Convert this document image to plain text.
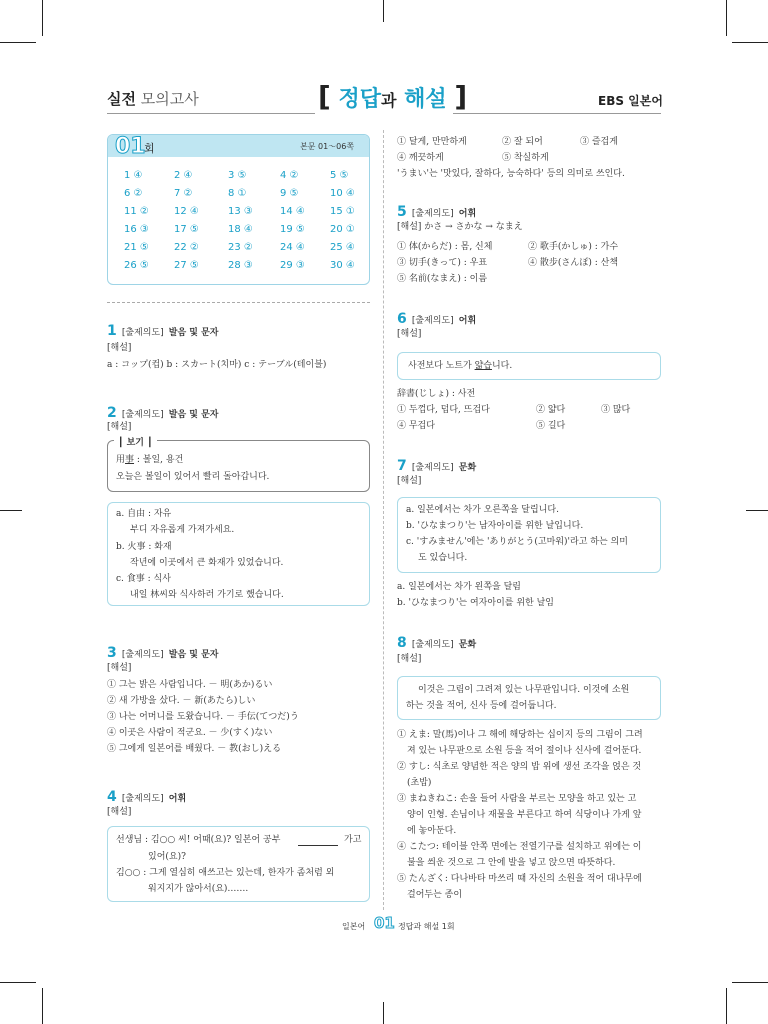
실전 모의고사	[ 정답과 해설 ]	EBS 일본어
01
회	본문 01～06쪽
1 ④	2 ④	3 ⑤	4 ②	5 ⑤
6 ②	7 ②	8 ①	9 ⑤	10 ④
11 ②	12 ④	13 ③	14 ④	15 ①
16 ③	17 ⑤	18 ④	19 ⑤	20 ①
21 ⑤	22 ②	23 ②	24 ④	25 ④
26 ⑤	27 ⑤	28 ③	29 ③	30 ④
1 [출제의도] 발음 및 문자
[해설]
a : コップ(컵) b : スカート(치마) c : テーブル(테이블)
2 [출제의도] 발음 및 문자
[해설]
┃ 보기 ┃
用事 : 볼일, 용건
오늘은 볼일이 있어서 빨리 돌아갑니다.
a. 自由 : 자유
부디 자유롭게 가져가세요.
b. 火事 : 화재
작년에 이곳에서 큰 화재가 있었습니다.
c. 食事 : 식사
내일 林씨와 식사하러 가기로 했습니다.
3 [출제의도] 발음 및 문자
[해설]
① 그는 밝은 사람입니다. － 明(あか)るい
② 새 가방을 샀다. － 新(あたら)しい
③ 나는 어머니를 도왔습니다. － 手伝(てつだ)う
④ 이곳은 사람이 적군요. － 少(すく)ない
⑤ 그에게 일본어를 배웠다. － 教(おし)える
4 [출제의도] 어휘
[해설]
선생님 : 김○○ 씨! 어때(요)? 일본어 공부	가고
있어(요)?
김○○ : 그게 열심히 애쓰고는 있는데, 한자가 좀처럼 외
워지지가 않아서(요)…….
① 달게, 만만하게	② 잘 되어	③ 즐겁게
④ 깨끗하게	⑤ 착실하게
'うまい'는 '맛있다, 잘하다, 능숙하다' 등의 의미로 쓰인다.
5 [출제의도] 어휘
[해설] かさ → さかな → なまえ
① 体(からだ) : 몸, 신체	② 歌手(かしゅ) : 가수
③ 切手(きって) : 우표	④ 散步(さんぽ) : 산책
⑤ 名前(なまえ) : 이름
6 [출제의도] 어휘
[해설]
사전보다 노트가 얇습니다.
辞書(じしょ) : 사전
① 두껍다, 덥다, 뜨겁다	② 얇다	③ 많다
④ 무겁다	⑤ 길다
7 [출제의도] 문화
[해설]
a. 일본에서는 차가 오른쪽을 달립니다.
b. 'ひなまつり'는 남자아이를 위한 날입니다.
c. 'すみません'에는 'ありがとう(고마워)'라고 하는 의미
도 있습니다.
a. 일본에서는 차가 왼쪽을 달림
b. 'ひなまつり'는 여자아이를 위한 날임
8 [출제의도] 문화
[해설]
이것은 그림이 그려져 있는 나무판입니다. 이것에 소원
하는 것을 적어, 신사 등에 걸어둡니다.
① えま: 말(馬)이나 그 해에 해당하는 십이지 등의 그림이 그려
져 있는 나무판으로 소원 등을 적어 절이나 신사에 걸어둔다.
② すし: 식초로 양념한 적은 양의 밥 위에 생선 조각을 얹은 것
(초밥)
③ まねきねこ: 손을 들어 사람을 부르는 모양을 하고 있는 고
양이 인형. 손님이나 재물을 부른다고 하여 식당이나 가게 앞
에 놓아둔다.
④ こたつ: 테이블 안쪽 면에는 전열기구를 설치하고 위에는 이
불을 씌운 것으로 그 안에 발을 넣고 앉으면 따뜻하다.
⑤ たんざく: 다나바타 마쓰리 때 자신의 소원을 적어 대나무에
걸어두는 종이
일본어 01 정답과 해설 1회
